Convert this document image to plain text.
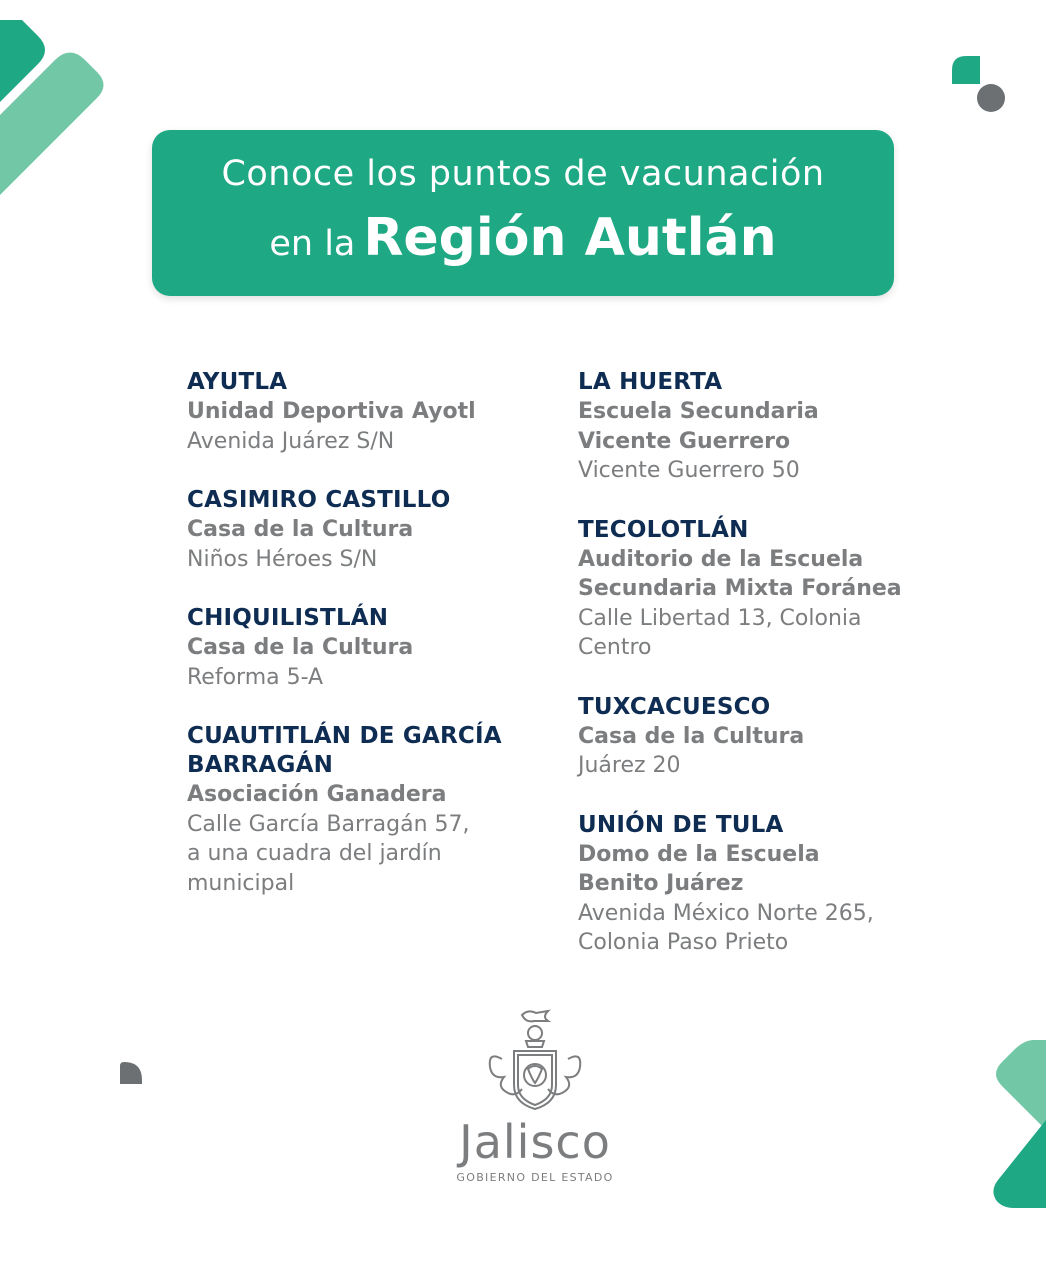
Conoce los puntos de vacunación
en la Región Autlán
AYUTLA
Unidad Deportiva Ayotl
Avenida Juárez S/N
CASIMIRO CASTILLO
Casa de la Cultura
Niños Héroes S/N
CHIQUILISTLÁN
Casa de la Cultura
Reforma 5-A
CUAUTITLÁN DE GARCÍA BARRAGÁN
Asociación Ganadera
Calle García Barragán 57,
a una cuadra del jardín
municipal
LA HUERTA
Escuela Secundaria
Vicente Guerrero
Vicente Guerrero 50
TECOLOTLÁN
Auditorio de la Escuela
Secundaria Mixta Foránea
Calle Libertad 13, Colonia
Centro
TUXCACUESCO
Casa de la Cultura
Juárez 20
UNIÓN DE TULA
Domo de la Escuela
Benito Juárez
Avenida México Norte 265,
Colonia Paso Prieto
Jalisco
GOBIERNO DEL ESTADO
